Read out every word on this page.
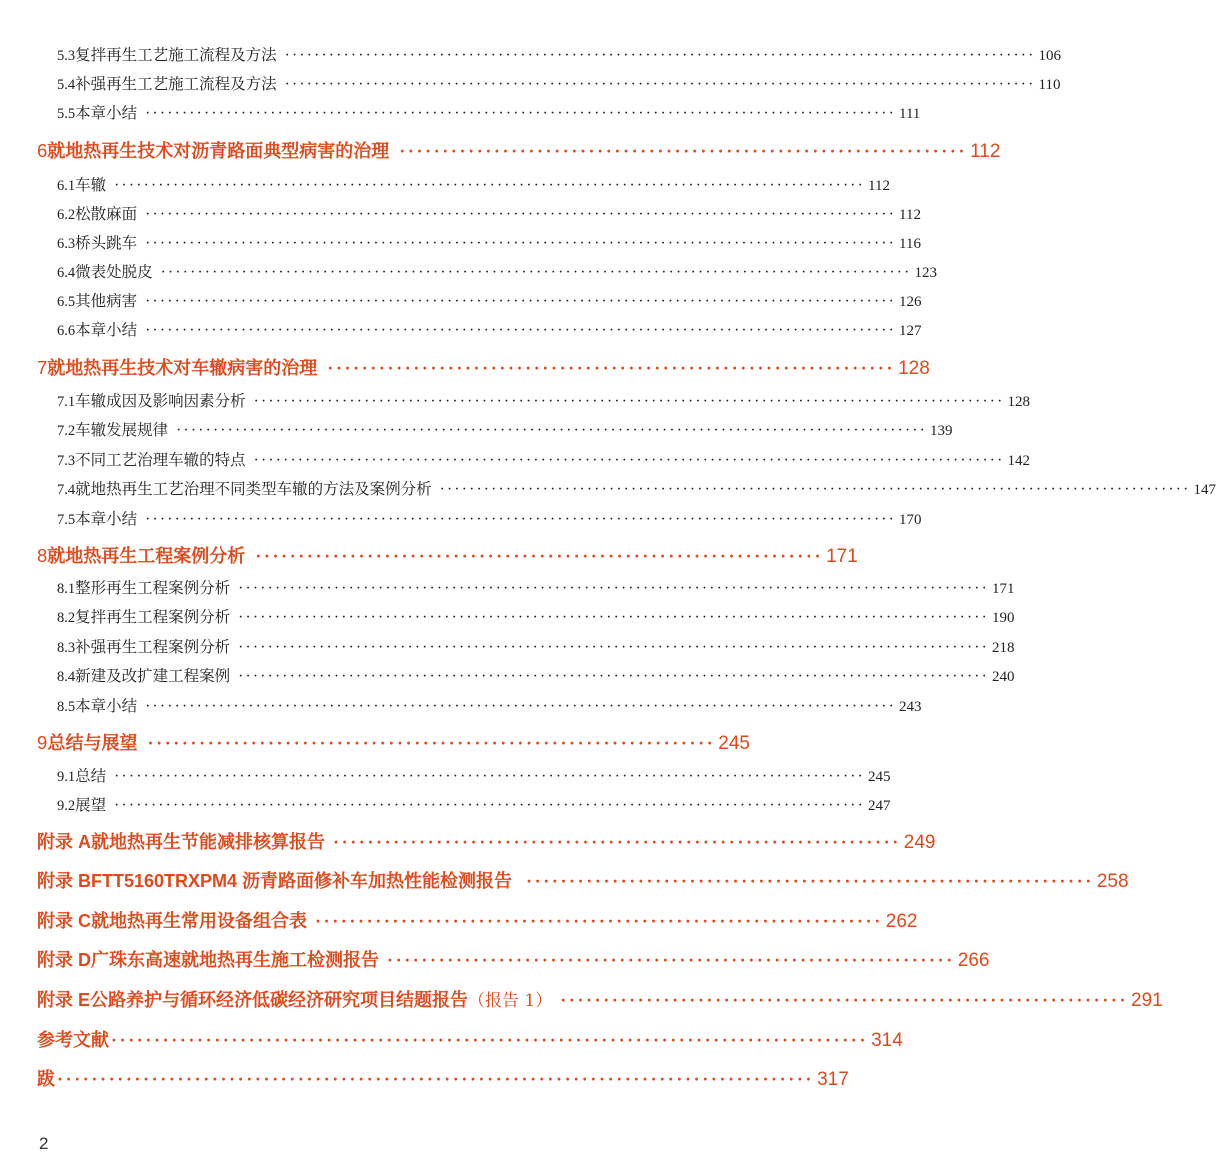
5.3 复拌再生工艺施工流程及方法 ······································································································ 106
5.4 补强再生工艺施工流程及方法 ······································································································ 110
5.5 本章小结 ······································································································ 111
6 就地热再生技术对沥青路面典型病害的治理 ·································································· 112
6.1 车辙 ······································································································ 112
6.2 松散麻面 ······································································································ 112
6.3 桥头跳车 ······································································································ 116
6.4 微表处脱皮 ······································································································ 123
6.5 其他病害 ······································································································ 126
6.6 本章小结 ······································································································ 127
7 就地热再生技术对车辙病害的治理 ·································································· 128
7.1 车辙成因及影响因素分析 ······································································································ 128
7.2 车辙发展规律 ······································································································ 139
7.3 不同工艺治理车辙的特点 ······································································································ 142
7.4 就地热再生工艺治理不同类型车辙的方法及案例分析 ······································································································ 147
7.5 本章小结 ······································································································ 170
8 就地热再生工程案例分析 ·································································· 171
8.1 整形再生工程案例分析 ······································································································ 171
8.2 复拌再生工程案例分析 ······································································································ 190
8.3 补强再生工程案例分析 ······································································································ 218
8.4 新建及改扩建工程案例 ······································································································ 240
8.5 本章小结 ······································································································ 243
9 总结与展望 ·································································· 245
9.1 总结 ······································································································ 245
9.2 展望 ······································································································ 247
附录 A 就地热再生节能减排核算报告 ·································································· 249
附录 B FTT5160TRXPM4 沥青路面修补车加热性能检测报告 ·································································· 258
附录 C 就地热再生常用设备组合表 ·································································· 262
附录 D 广珠东高速就地热再生施工检测报告 ·································································· 266
附录 E 公路养护与循环经济低碳经济研究项目结题报告 （报告 1） ·································································· 291
参考文献 ························································································ 314
跋 ························································································ 317
2
